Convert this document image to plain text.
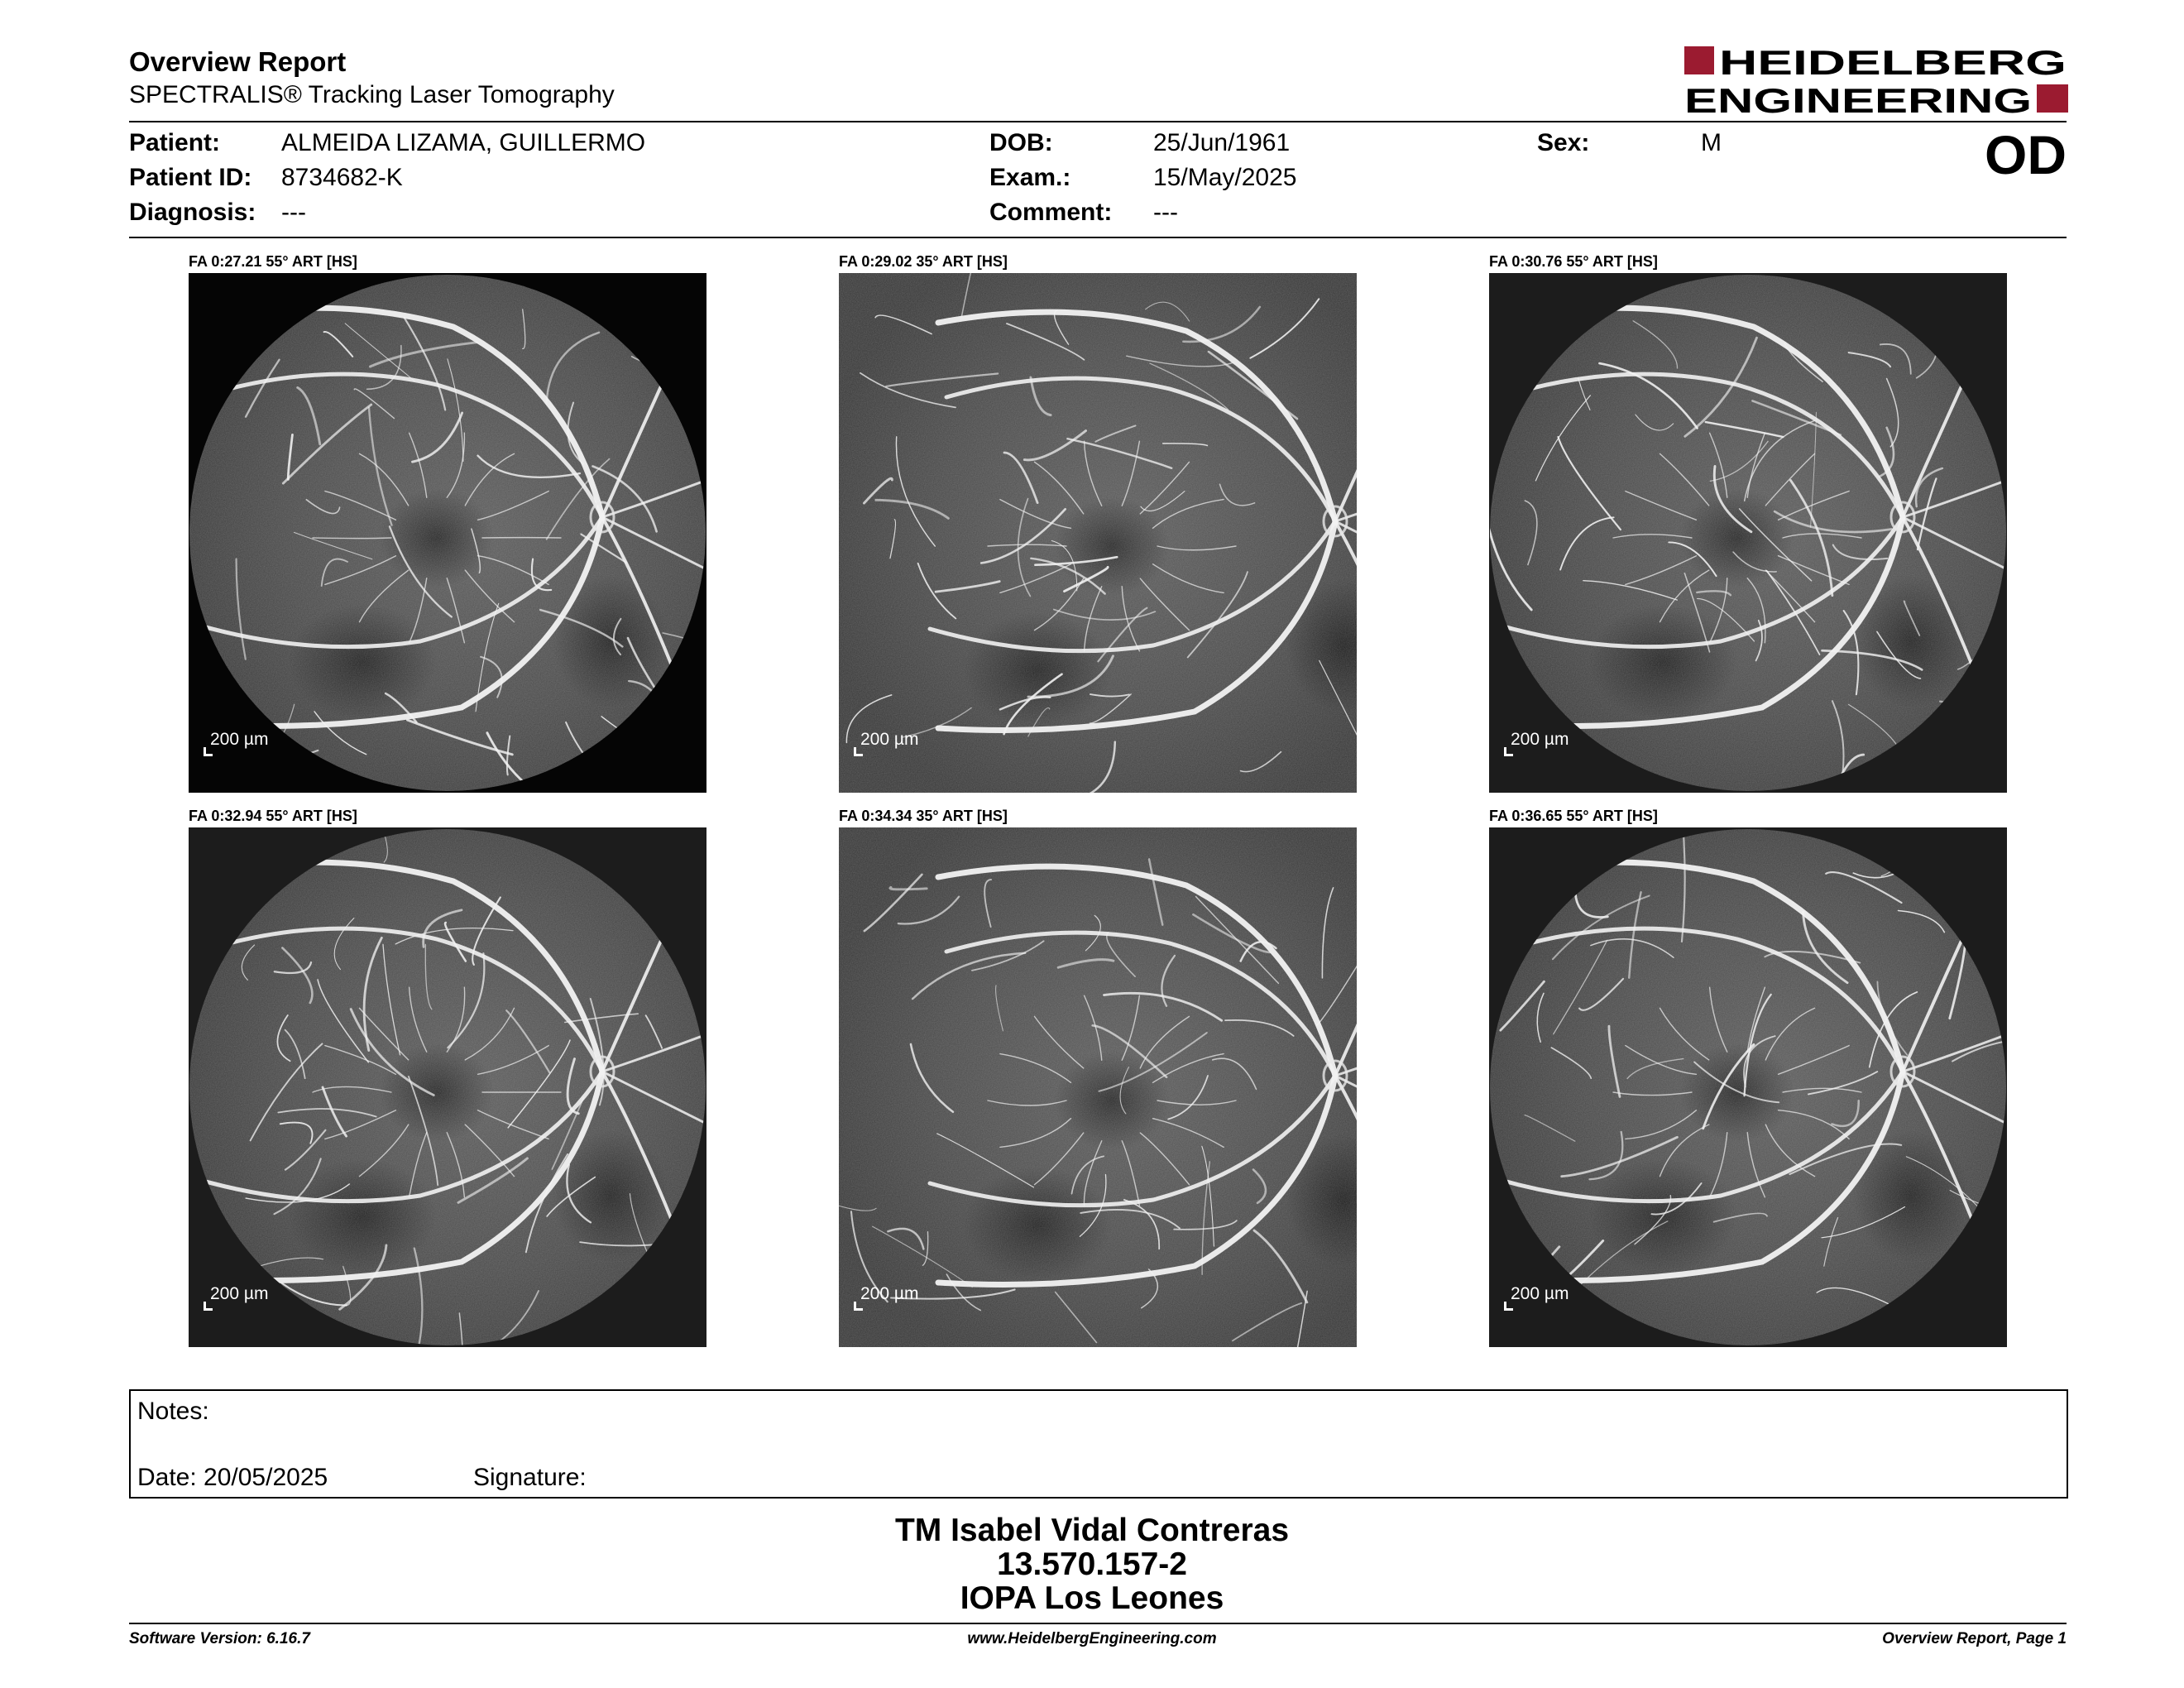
Overview Report
SPECTRALIS® Tracking Laser Tomography
HEIDELBERG
ENGINEERING
Patient: ALMEIDA LIZAMA, GUILLERMO
Patient ID: 8734682-K
Diagnosis: ---
DOB:	25/Jun/1961
Exam.:	15/May/2025
Comment: ---
Sex:	M	OD
FA 0:27.21 55° ART [HS]
200 µm
FA 0:29.02 35° ART [HS]
200 µm
FA 0:30.76 55° ART [HS]
200 µm
FA 0:32.94 55° ART [HS]
200 µm
FA 0:34.34 35° ART [HS]
200 µm
FA 0:36.65 55° ART [HS]
200 µm
Notes:
Date: 20/05/2025	Signature:
TM Isabel Vidal Contreras
13.570.157-2
IOPA Los Leones
Software Version: 6.16.7	www.HeidelbergEngineering.com	Overview Report, Page 1
